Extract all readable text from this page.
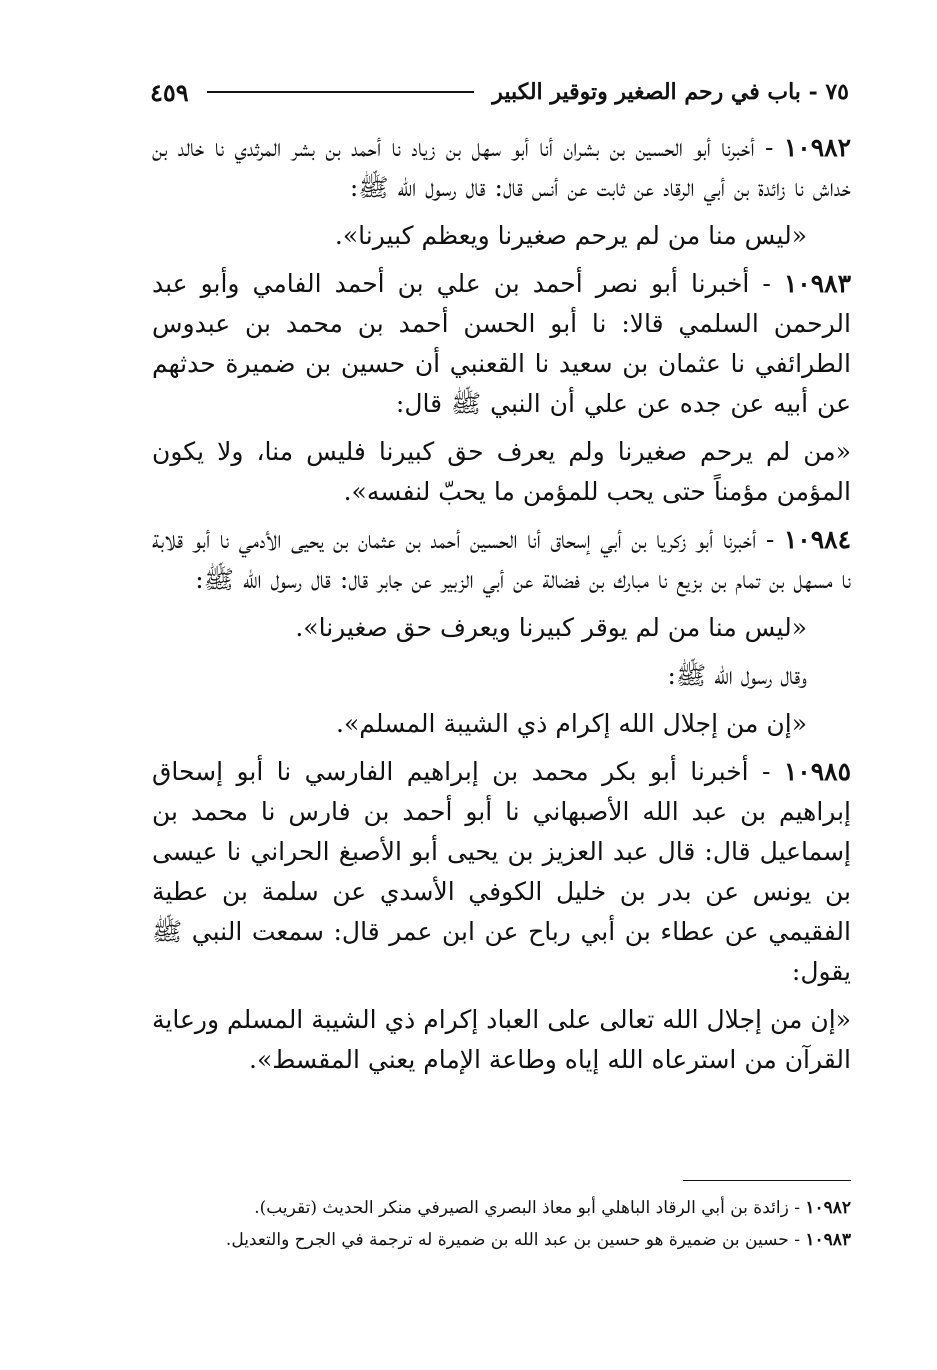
٧٥ - باب في رحم الصغير وتوقير الكبير
٤٥٩

١٠٩٨٢ - أخبرنا أبو الحسين بن بشران أنا أبو سهل بن زياد نا أحمد بن بشر المرثدي نا خالد بن خداش نا زائدة بن أبي الرقاد عن ثابت عن أنس قال: قال رسول الله ﷺ:

«ليس منا من لم يرحم صغيرنا ويعظم كبيرنا».

١٠٩٨٣ - أخبرنا أبو نصر أحمد بن علي بن أحمد الفامي وأبو عبد الرحمن السلمي قالا: نا أبو الحسن أحمد بن محمد بن عبدوس الطرائفي نا عثمان بن سعيد نا القعنبي أن حسين بن ضميرة حدثهم عن أبيه عن جده عن علي أن النبي ﷺ قال:

«من لم يرحم صغيرنا ولم يعرف حق كبيرنا فليس منا، ولا يكون المؤمن مؤمناً حتى يحب للمؤمن ما يحبّ لنفسه».

١٠٩٨٤ - أخبرنا أبو زكريا بن أبي إسحاق أنا الحسين أحمد بن عثمان بن يحيى الأدمي نا أبو قلابة نا مسهل بن تمام بن بزيع نا مبارك بن فضالة عن أبي الزبير عن جابر قال: قال رسول الله ﷺ:

«ليس منا من لم يوقر كبيرنا ويعرف حق صغيرنا».

وقال رسول الله ﷺ:

«إن من إجلال الله إكرام ذي الشيبة المسلم».

١٠٩٨٥ - أخبرنا أبو بكر محمد بن إبراهيم الفارسي نا أبو إسحاق إبراهيم بن عبد الله الأصبهاني نا أبو أحمد بن فارس نا محمد بن إسماعيل قال: قال عبد العزيز بن يحيى أبو الأصبغ الحراني نا عيسى بن يونس عن بدر بن خليل الكوفي الأسدي عن سلمة بن عطية الفقيمي عن عطاء بن أبي رباح عن ابن عمر قال: سمعت النبي ﷺ يقول:

«إن من إجلال الله تعالى على العباد إكرام ذي الشيبة المسلم ورعاية القرآن من استرعاه الله إياه وطاعة الإمام يعني المقسط».

١٠٩٨٢ - زائدة بن أبي الرقاد الباهلي أبو معاذ البصري الصيرفي منكر الحديث (تقريب).

١٠٩٨٣ - حسين بن ضميرة هو حسين بن عبد الله بن ضميرة له ترجمة في الجرح والتعديل.
